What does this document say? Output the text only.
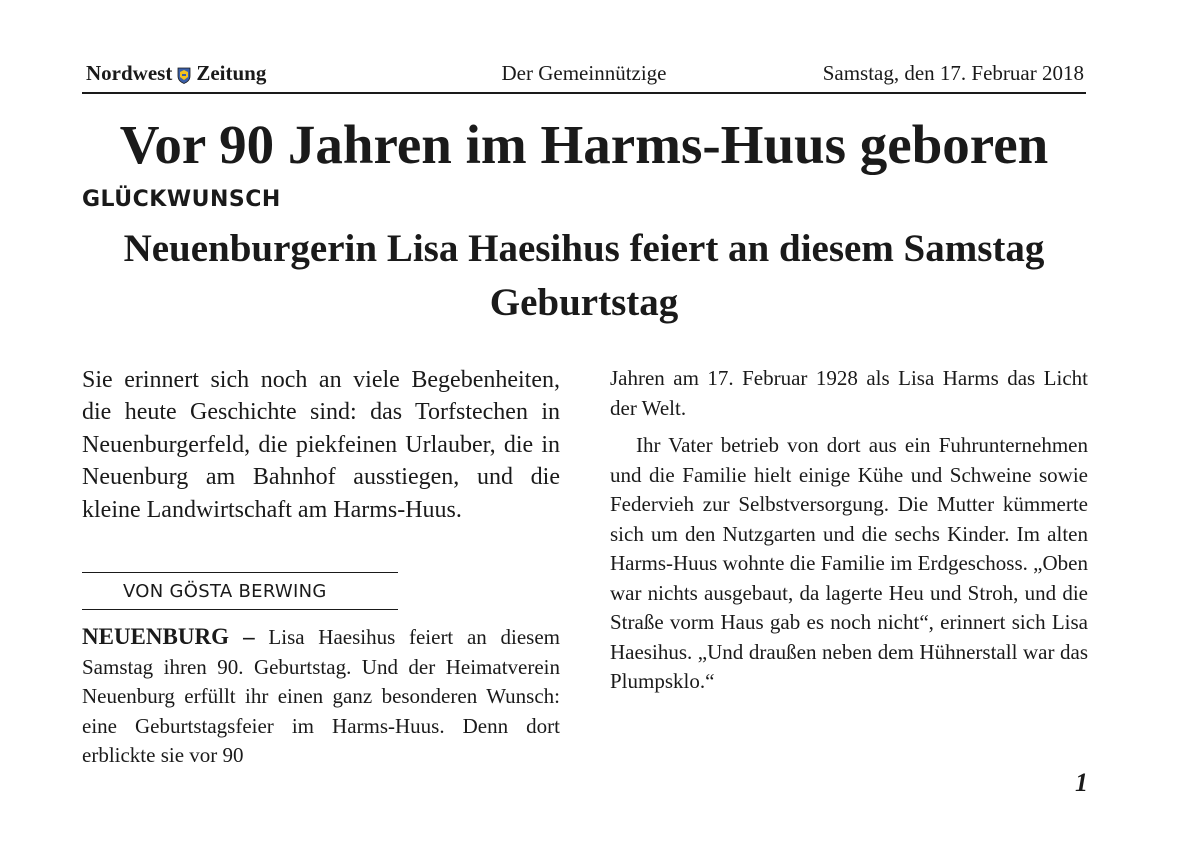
Nordwest Zeitung	Der Gemeinnützige	Samstag, den 17. Februar 2018
Vor 90 Jahren im Harms-Huus geboren
GLÜCKWUNSCH
Neuenburgerin Lisa Haesihus feiert an diesem Samstag Geburtstag

Sie erinnert sich noch an viele Begebenheiten, die heute Geschichte sind: das Torfstechen in Neuenburgerfeld, die piekfeinen Urlauber, die in Neuenburg am Bahnhof ausstiegen, und die kleine Landwirtschaft am Harms-Huus.

VON GÖSTA BERWING

NEUENBURG – Lisa Haesihus feiert an diesem Samstag ihren 90. Geburtstag. Und der Heimatverein Neuenburg erfüllt ihr einen ganz besonderen Wunsch: eine Geburtstagsfeier im Harms-Huus. Denn dort erblickte sie vor 90

Jahren am 17. Februar 1928 als Lisa Harms das Licht der Welt.

Ihr Vater betrieb von dort aus ein Fuhrunternehmen und die Familie hielt einige Kühe und Schweine sowie Federvieh zur Selbstversorgung. Die Mutter kümmerte sich um den Nutzgarten und die sechs Kinder. Im alten Harms-Huus wohnte die Familie im Erdgeschoss. „Oben war nichts ausgebaut, da lagerte Heu und Stroh, und die Straße vorm Haus gab es noch nicht“, erinnert sich Lisa Haesihus. „Und draußen neben dem Hühnerstall war das Plumpsklo.“

1
